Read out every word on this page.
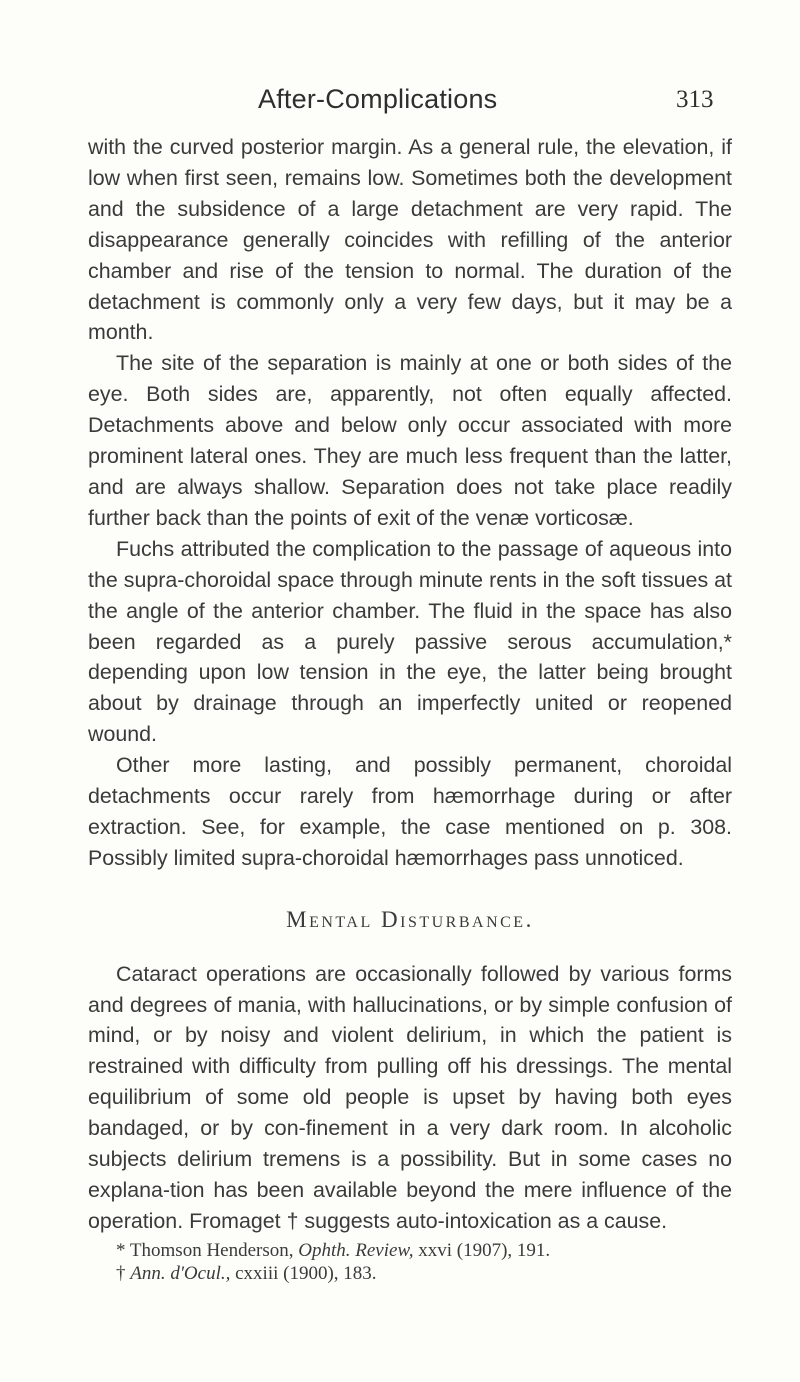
After-Complications	313

with the curved posterior margin. As a general rule, the elevation, if low when first seen, remains low. Sometimes both the development and the subsidence of a large detachment are very rapid. The disappearance generally coincides with refilling of the anterior chamber and rise of the tension to normal. The duration of the detachment is commonly only a very few days, but it may be a month.

The site of the separation is mainly at one or both sides of the eye. Both sides are, apparently, not often equally affected. Detachments above and below only occur associated with more prominent lateral ones. They are much less frequent than the latter, and are always shallow. Separation does not take place readily further back than the points of exit of the venæ vorticosæ.

Fuchs attributed the complication to the passage of aqueous into the supra-choroidal space through minute rents in the soft tissues at the angle of the anterior chamber. The fluid in the space has also been regarded as a purely passive serous accumulation,* depending upon low tension in the eye, the latter being brought about by drainage through an imperfectly united or reopened wound.

Other more lasting, and possibly permanent, choroidal detachments occur rarely from hæmorrhage during or after extraction. See, for example, the case mentioned on p. 308. Possibly limited supra-choroidal hæmorrhages pass unnoticed.

Mental Disturbance.

Cataract operations are occasionally followed by various forms and degrees of mania, with hallucinations, or by simple confusion of mind, or by noisy and violent delirium, in which the patient is restrained with difficulty from pulling off his dressings. The mental equilibrium of some old people is upset by having both eyes bandaged, or by con-finement in a very dark room. In alcoholic subjects delirium tremens is a possibility. But in some cases no explana-tion has been available beyond the mere influence of the operation. Fromaget † suggests auto-intoxication as a cause.

* Thomson Henderson, Ophth. Review, xxvi (1907), 191.

† Ann. d'Ocul., cxxiii (1900), 183.
